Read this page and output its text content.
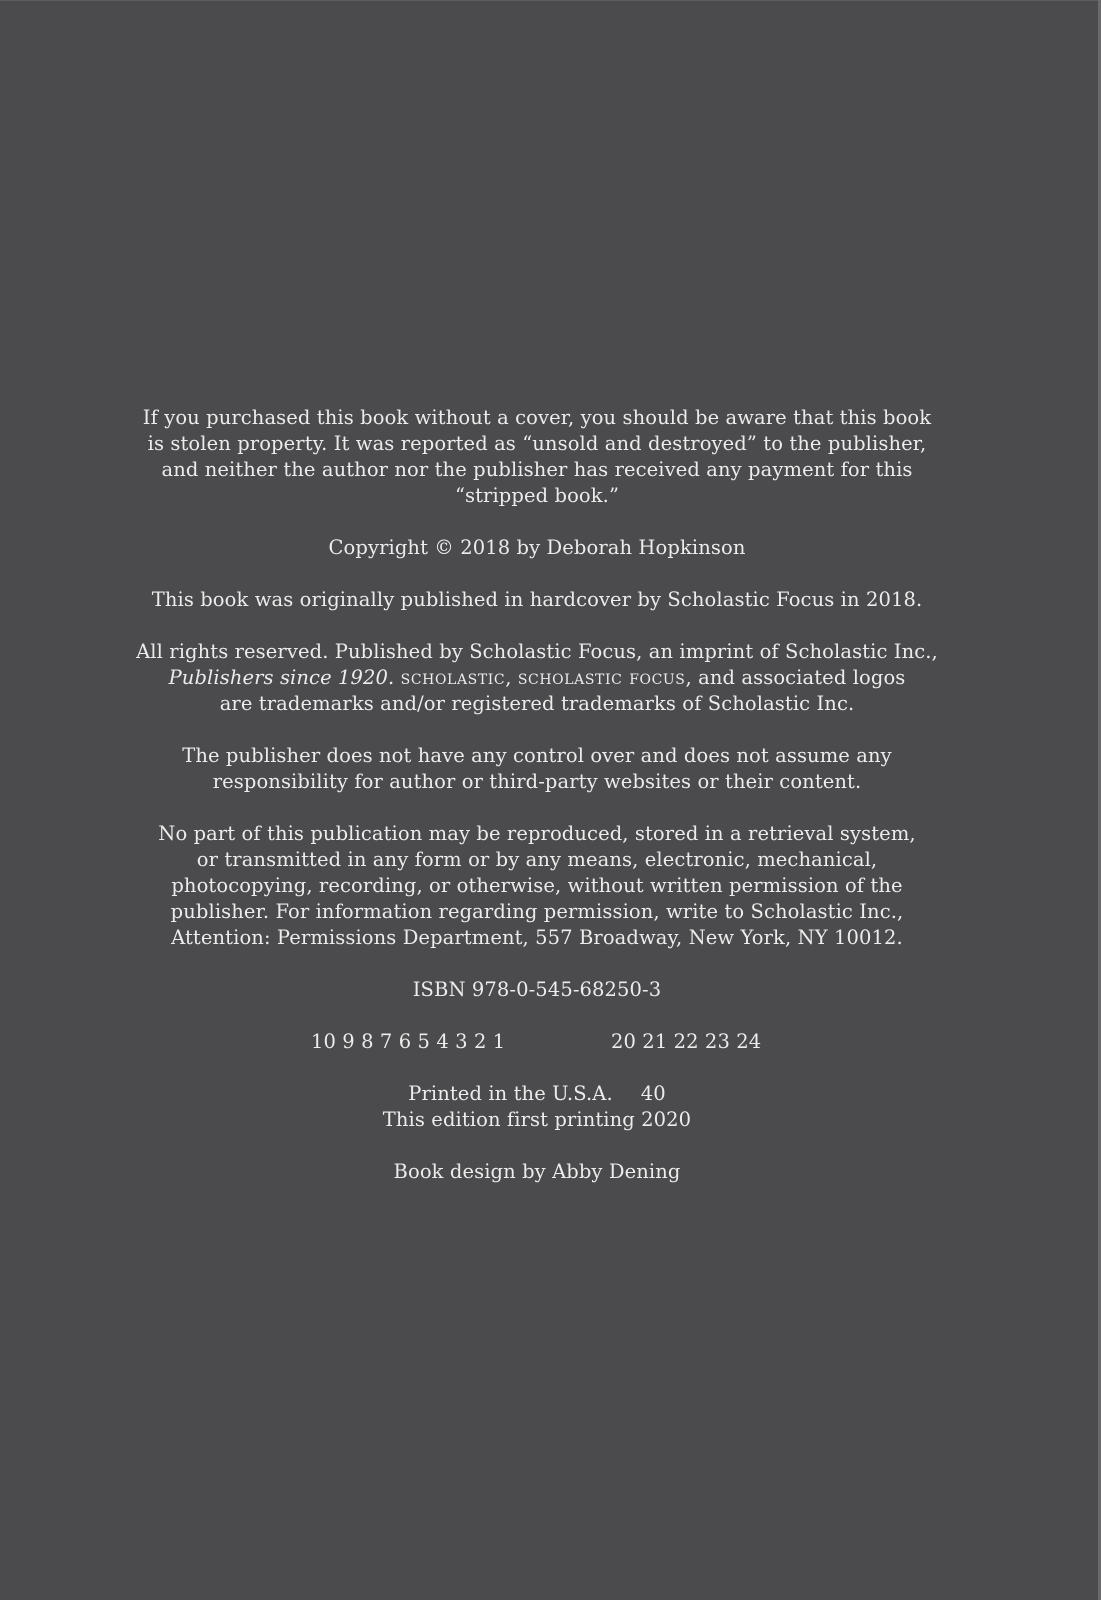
If you purchased this book without a cover, you should be aware that this book
is stolen property. It was reported as “unsold and destroyed” to the publisher,
and neither the author nor the publisher has received any payment for this
“stripped book.”

Copyright © 2018 by Deborah Hopkinson

This book was originally published in hardcover by Scholastic Focus in 2018.

All rights reserved. Published by Scholastic Focus, an imprint of Scholastic Inc.,
Publishers since 1920. scholastic, scholastic focus, and associated logos
are trademarks and/or registered trademarks of Scholastic Inc.

The publisher does not have any control over and does not assume any
responsibility for author or third-party websites or their content.

No part of this publication may be reproduced, stored in a retrieval system,
or transmitted in any form or by any means, electronic, mechanical,
photocopying, recording, or otherwise, without written permission of the
publisher. For information regarding permission, write to Scholastic Inc.,
Attention: Permissions Department, 557 Broadway, New York, NY 10012.

ISBN 978-0-545-68250-3

10 9 8 7 6 5 4 3 2 1	20 21 22 23 24

Printed in the U.S.A. 40
This edition first printing 2020

Book design by Abby Dening
